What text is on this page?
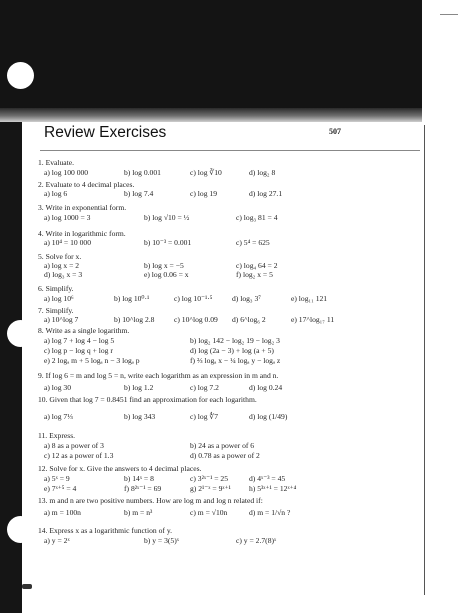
Review Exercises	507
1. Evaluate.
a) log 100 000	b) log 0.001	c) log ∛10	d) log₂ 8
2. Evaluate to 4 decimal places.
a) log 6	b) log 7.4	c) log 19	d) log 27.1
3. Write in exponential form.
a) log 1000 = 3	b) log √10 = ½	c) log₃ 81 = 4
4. Write in logarithmic form.
a) 10⁴ = 10 000	b) 10⁻³ = 0.001	c) 5⁴ = 625
5. Solve for x.
a) log x = 2	b) log x = −5	c) log₄ 64 = 2
d) log₃ x = 3	e) log 0.06 = x	f) log₂ x = 5
6. Simplify.
a) log 10⁶	b) log 10⁰·¹	c) log 10⁻¹·⁵	d) log₃ 3⁷	e) log₁₁ 121
7. Simplify.
a) 10^log 7	b) 10^log 2.8	c) 10^log 0.09 d) 6^log₆ 2	e) 17^log₁₇ 11
8. Write as a single logarithm.
a) log 7 + log 4 − log 5	b) log₂ 142 − log₂ 19 − log₂ 3
c) log p − log q + log r	d) log (2a − 3) + log (a + 5)
e) 2 logₐ m + 5 logₐ n − 3 logₐ p	f) ⅔ logₐ x − ¼ logₐ y − logₐ z
9. If log 6 = m and log 5 = n, write each logarithm as an expression in m and n.
a) log 30	b) log 1.2	c) log 7.2	d) log 0.24
10. Given that log 7 = 0.8451 find an approximation for each logarithm.
a) log 7⅓	b) log 343	c) log ∜7	d) log (1/49)
11. Express.
a) 8 as a power of 3	b) 24 as a power of 6
c) 12 as a power of 1.3	d) 0.78 as a power of 2
12. Solve for x. Give the answers to 4 decimal places.
a) 5ˣ = 9	b) 14ˣ = 8	c) 3²ˣ⁻¹ = 25	d) 4ˣ⁻³ = 45
e) 7ˣ⁺⁵ = 4	f) 8²ˣ⁻¹ = 69	g) 2¹⁻ˣ = 9ˣ⁺¹ h) 5³ˣ⁺¹ = 12ˣ⁺⁴
13. m and n are two positive numbers. How are log m and log n related if:
a) m = 100n	b) m = n³	c) m = √10n	d) m = 1/√n ?
14. Express x as a logarithmic function of y.
a) y = 2ˣ	b) y = 3(5)ˣ	c) y = 2.7(8)ˣ
